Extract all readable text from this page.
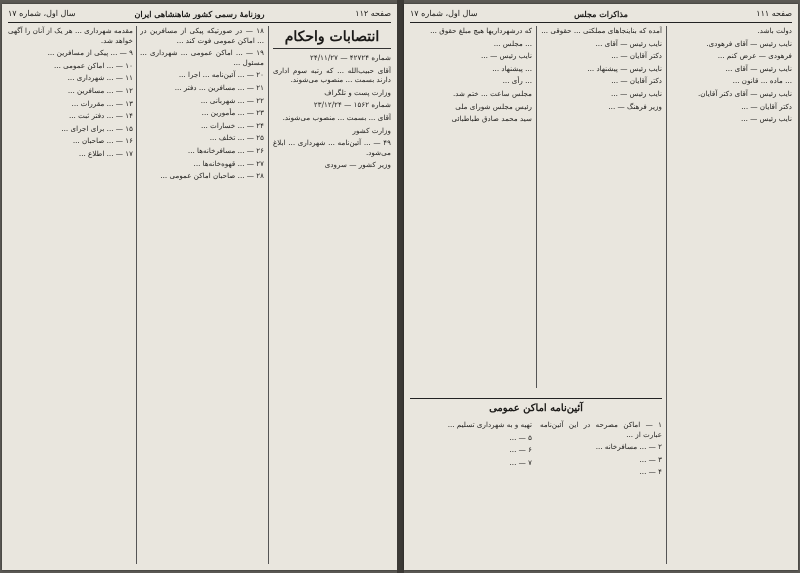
صفحه ۱۱۲
روزنامهٔ رسمی کشور شاهنشاهی ایران
سال اول، شماره ۱۷
انتصابات واحکام

شماره ۴۲۷۲۴ — ۲۴/۱۱/۲۷

آقای حبیب‌الله ... که رتبه سوم اداری دارند بسمت ... منصوب می‌شوند.

وزارت پست و تلگراف

شماره ۱۵۶۲ — ۲۳/۱۲/۲۴

آقای ... بسمت ... منصوب می‌شوند.

وزارت کشور

۴۹ — ... آئین‌نامه ... شهرداری ... ابلاغ می‌شود.

وزیر کشور — سرودی

۱۸ — در صورتیکه پیکی از مسافرین در ... اماکن عمومی فوت کند ...

۱۹ — ... اماکن عمومی ... شهرداری ... مسئول ...

۲۰ — ... آئین‌نامه ... اجرا ...

۲۱ — ... مسافرین ... دفتر ...

۲۲ — ... شهربانی ...

۲۳ — ... مأمورین ...

۲۴ — ... خسارات ...

۲۵ — ... تخلف ...

۲۶ — ... مسافرخانه‌ها ...

۲۷ — ... قهوه‌خانه‌ها ...

۲۸ — ... صاحبان اماکن عمومی ...

مقدمه شهرداری ... هر یک از آنان را آگهی خواهد شد.

۹ — ... پیکی از مسافرین ...

۱۰ — ... اماکن عمومی ...

۱۱ — ... شهرداری ...

۱۲ — ... مسافرین ...

۱۳ — ... مقررات ...

۱۴ — ... دفتر ثبت ...

۱۵ — ... برای اجرای ...

۱۶ — ... صاحبان ...

۱۷ — ... اطلاع ...

صفحه ۱۱۱
مذاکرات مجلس
سال اول، شماره ۱۷

دولت باشد.

نایب رئیس — آقای فرهودی.

فرهودی — عرض کنم ...

نایب رئیس — آقای ...

... ماده ... قانون ...

نایب رئیس — آقای دکتر آقایان.

دکتر آقایان — ...

نایب رئیس — ...

آمده که بناینجاهای مملکتی ... حقوقی ...

نایب رئیس — آقای ...

دکتر آقایان — ...

نایب رئیس — پیشنهاد ...

دکتر آقایان — ...

نایب رئیس — ...

وزیر فرهنگ — ...

که درشهرداریها هیچ مبلغ حقوق ...

... مجلس ...

نایب رئیس — ...

... پیشنهاد ...

... رأی ...

مجلس ساعت ... ختم شد.

رئیس مجلس شورای ملی

سید محمد صادق طباطبائی

آئین‌نامه اماکن عمومی

۱ — اماکن مصرحه در این آئین‌نامه عبارت از ...

۲ — ... مسافرخانه ...

۳ — ...

۴ — ...

تهیه و به شهرداری تسلیم ...

۵ — ...

۶ — ...

۷ — ...
